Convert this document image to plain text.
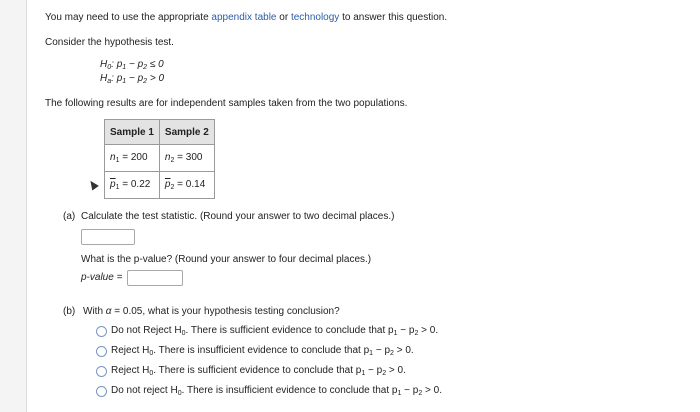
You may need to use the appropriate appendix table or technology to answer this question.
Consider the hypothesis test.
$H_0$: $p_1 - p_2 \le 0$
$H_a$: $p_1 - p_2 > 0$
The following results are for independent samples taken from the two populations.
Sample 1	Sample 2
$n_1 = 200$	$n_2 = 300$
$\overline{p}_1 = 0.22$	$\overline{p}_2 = 0.14$
(a) Calculate the test statistic. (Round your answer to two decimal places.)
What is the p-value? (Round your answer to four decimal places.)
p-value =
(b) With α = 0.05, what is your hypothesis testing conclusion?
Do not Reject $H_0$. There is sufficient evidence to conclude that $p_1 - p_2 > 0$.
Reject $H_0$. There is insufficient evidence to conclude that $p_1 - p_2 > 0$.
Reject $H_0$. There is sufficient evidence to conclude that $p_1 - p_2 > 0$.
Do not reject $H_0$. There is insufficient evidence to conclude that $p_1 - p_2 > 0$.
